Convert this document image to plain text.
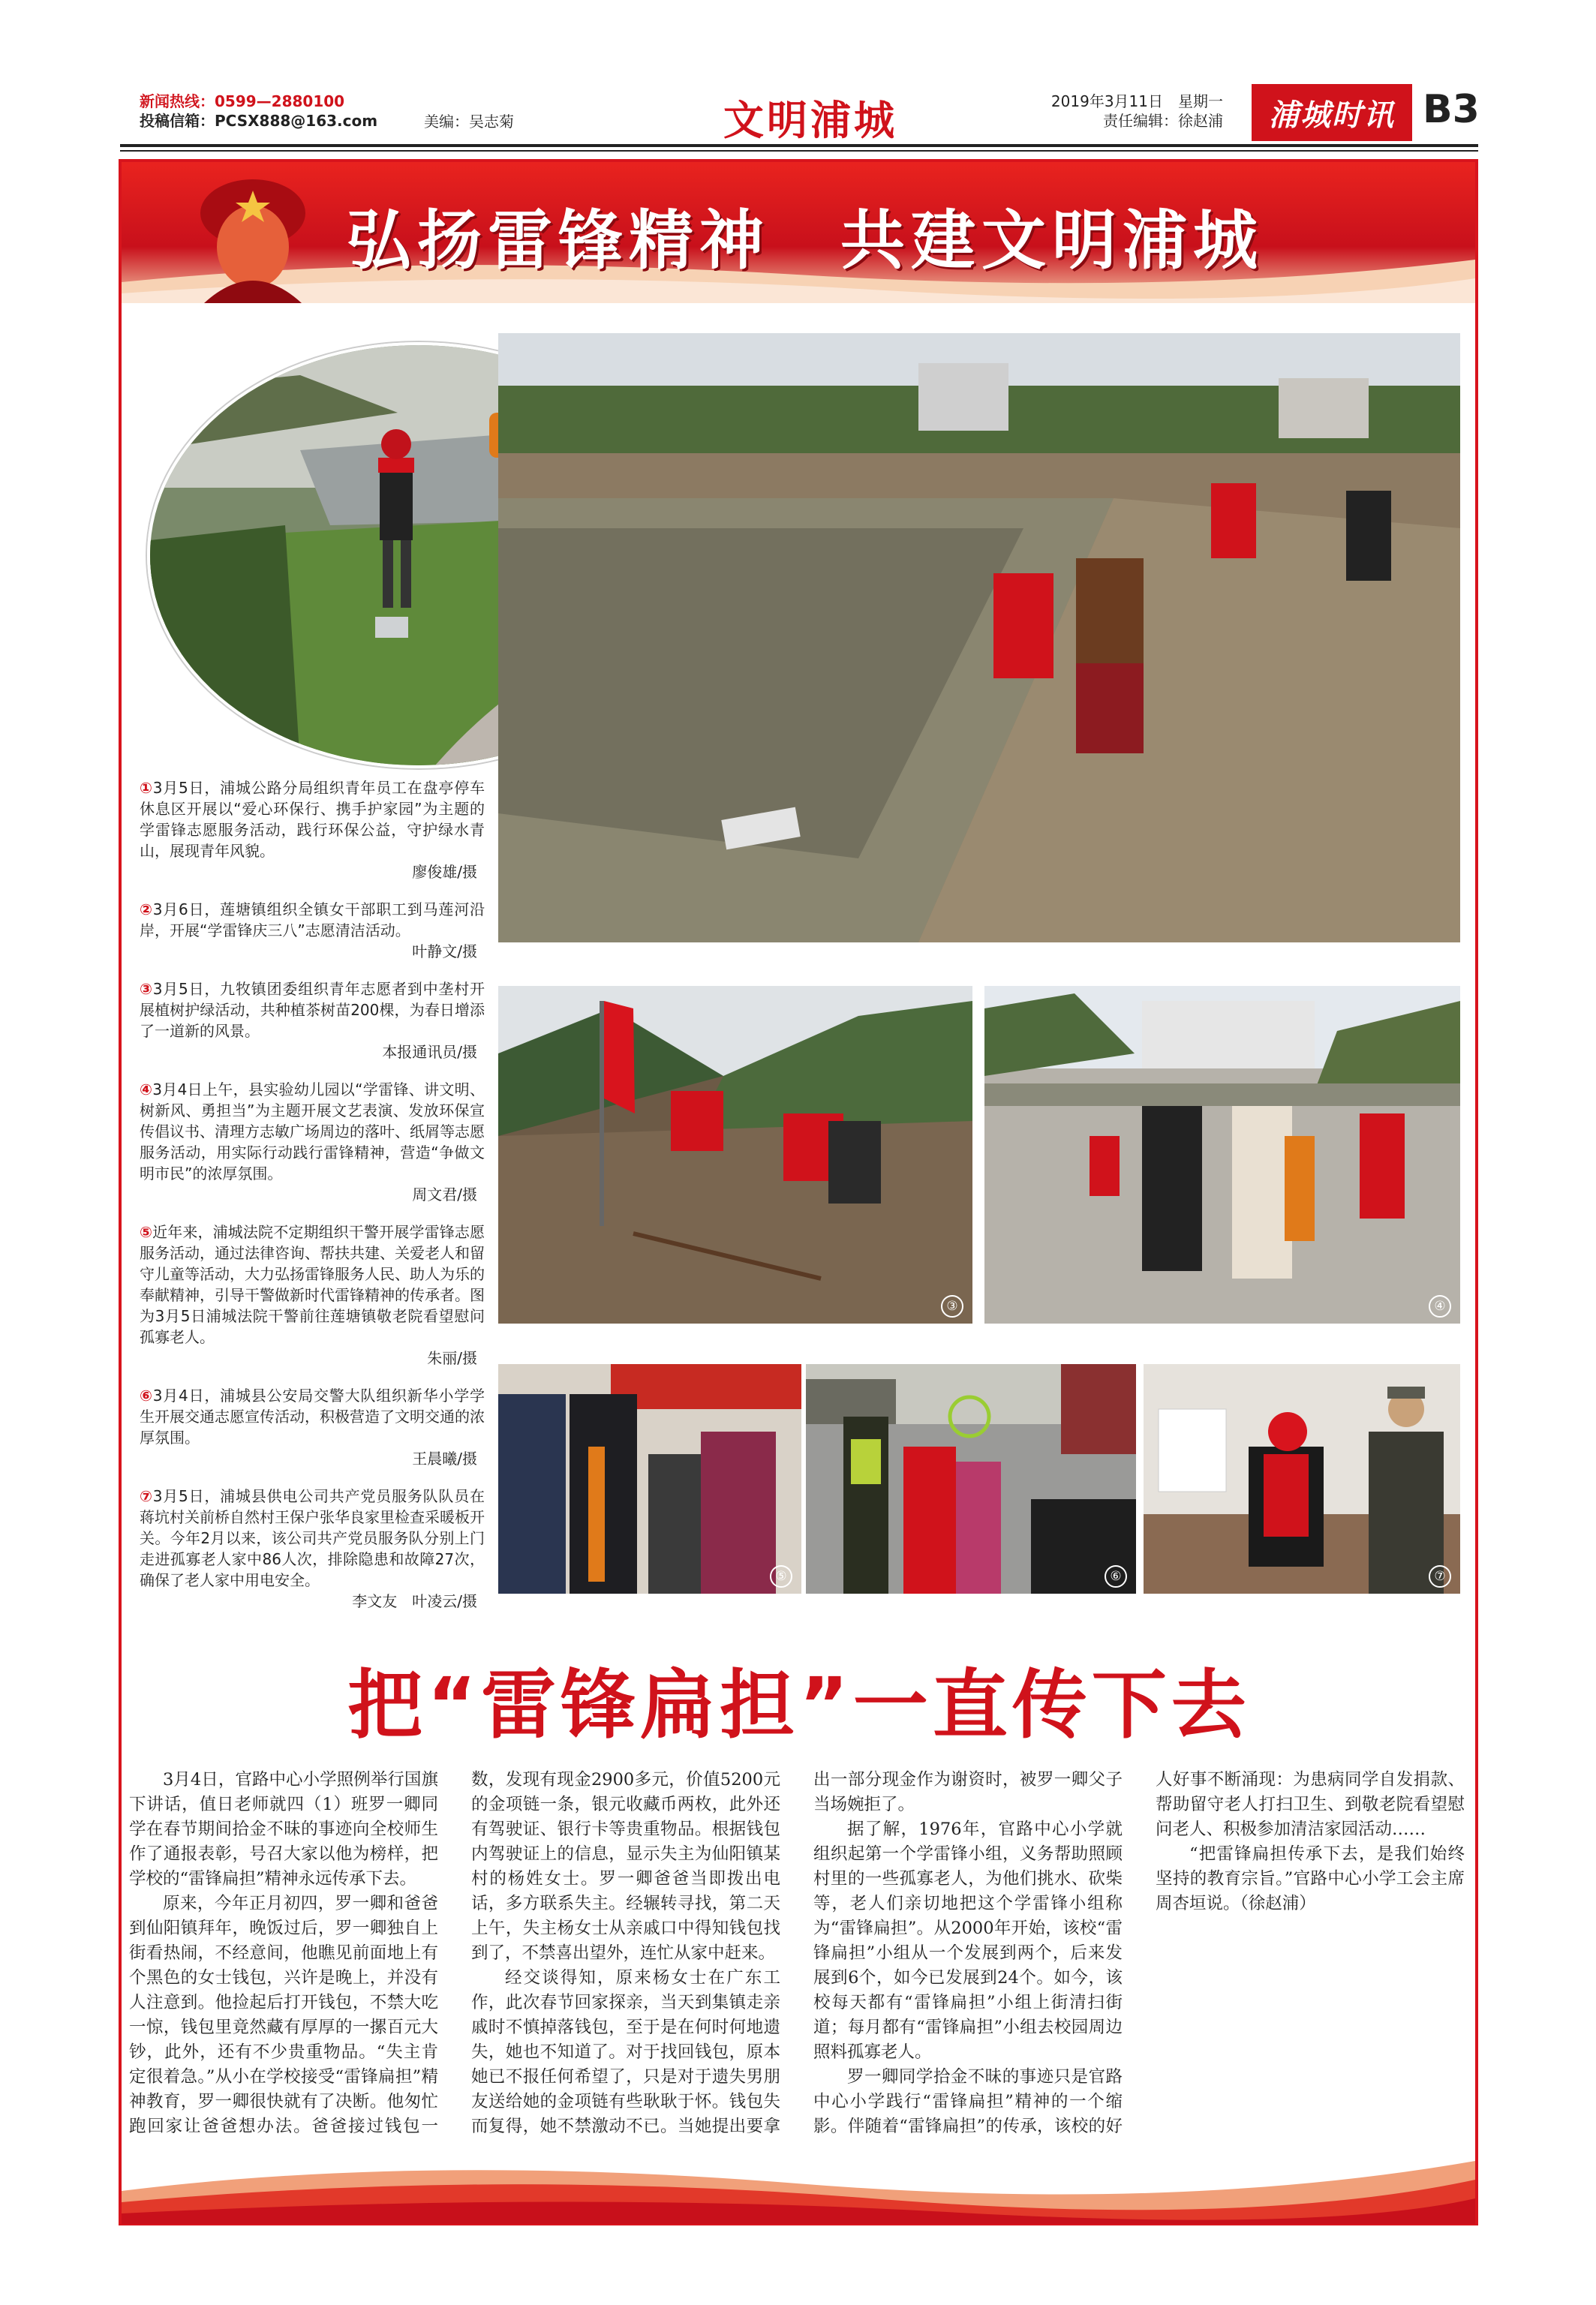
新闻热线：0599—2880100
投稿信箱：PCSX888@163.com	美编：吴志菊	文明浦城	2019年3月11日　星期一
责任编辑：徐赵浦	浦城时讯 B3
弘扬雷锋精神　共建文明浦城
③	④
⑤	⑥	⑦
①3月5日，浦城公路分局组织青年员工在盘亭停车休息区开展以“爱心环保行、携手护家园”为主题的学雷锋志愿服务活动，践行环保公益，守护绿水青山，展现青年风貌。
廖俊雄/摄
②3月6日，莲塘镇组织全镇女干部职工到马莲河沿岸，开展“学雷锋庆三八”志愿清洁活动。
叶静文/摄
③3月5日，九牧镇团委组织青年志愿者到中垄村开展植树护绿活动，共种植茶树苗200棵，为春日增添了一道新的风景。
本报通讯员/摄
④3月4日上午，县实验幼儿园以“学雷锋、讲文明、树新风、勇担当”为主题开展文艺表演、发放环保宣传倡议书、清理方志敏广场周边的落叶、纸屑等志愿服务活动，用实际行动践行雷锋精神，营造“争做文明市民”的浓厚氛围。
周文君/摄
⑤近年来，浦城法院不定期组织干警开展学雷锋志愿服务活动，通过法律咨询、帮扶共建、关爱老人和留守儿童等活动，大力弘扬雷锋服务人民、助人为乐的奉献精神，引导干警做新时代雷锋精神的传承者。图为3月5日浦城法院干警前往莲塘镇敬老院看望慰问孤寡老人。
朱丽/摄
⑥3月4日，浦城县公安局交警大队组织新华小学学生开展交通志愿宣传活动，积极营造了文明交通的浓厚氛围。
王晨曦/摄
⑦3月5日，浦城县供电公司共产党员服务队队员在蒋坑村关前桥自然村王保户张华良家里检查采暖板开关。今年2月以来，该公司共产党员服务队分别上门走进孤寡老人家中86人次，排除隐患和故障27次，确保了老人家中用电安全。
李文友　叶凌云/摄
把“雷锋扁担”一直传下去

3月4日，官路中心小学照例举行国旗下讲话，值日老师就四（1）班罗一卿同学在春节期间拾金不昧的事迹向全校师生作了通报表彰，号召大家以他为榜样，把学校的“雷锋扁担”精神永远传承下去。

原来，今年正月初四，罗一卿和爸爸到仙阳镇拜年，晚饭过后，罗一卿独自上街看热闹，不经意间，他瞧见前面地上有个黑色的女士钱包，兴许是晚上，并没有人注意到。他捡起后打开钱包，不禁大吃一惊，钱包里竟然藏有厚厚的一摞百元大钞，此外，还有不少贵重物品。“失主肯定很着急。”从小在学校接受“雷锋扁担”精神教育，罗一卿很快就有了决断。他匆忙跑回家让爸爸想办法。爸爸接过钱包一数，发现有现金2900多元，价值5200元的金项链一条，银元收藏币两枚，此外还有驾驶证、银行卡等贵重物品。根据钱包内驾驶证上的信息，显示失主为仙阳镇某村的杨姓女士。罗一卿爸爸当即拨出电话，多方联系失主。经辗转寻找，第二天上午，失主杨女士从亲戚口中得知钱包找到了，不禁喜出望外，连忙从家中赶来。

经交谈得知，原来杨女士在广东工作，此次春节回家探亲，当天到集镇走亲戚时不慎掉落钱包，至于是在何时何地遗失，她也不知道了。对于找回钱包，原本她已不报任何希望了，只是对于遗失男朋友送给她的金项链有些耿耿于怀。钱包失而复得，她不禁激动不已。当她提出要拿出一部分现金作为谢资时，被罗一卿父子当场婉拒了。

据了解，1976年，官路中心小学就组织起第一个学雷锋小组，义务帮助照顾村里的一些孤寡老人，为他们挑水、砍柴等，老人们亲切地把这个学雷锋小组称为“雷锋扁担”。从2000年开始，该校“雷锋扁担”小组从一个发展到两个，后来发展到6个，如今已发展到24个。如今，该校每天都有“雷锋扁担”小组上街清扫街道；每月都有“雷锋扁担”小组去校园周边照料孤寡老人。

罗一卿同学拾金不昧的事迹只是官路中心小学践行“雷锋扁担”精神的一个缩影。伴随着“雷锋扁担”的传承，该校的好人好事不断涌现：为患病同学自发捐款、帮助留守老人打扫卫生、到敬老院看望慰问老人、积极参加清洁家园活动……

“把雷锋扁担传承下去，是我们始终坚持的教育宗旨。”官路中心小学工会主席周杏垣说。（徐赵浦）
